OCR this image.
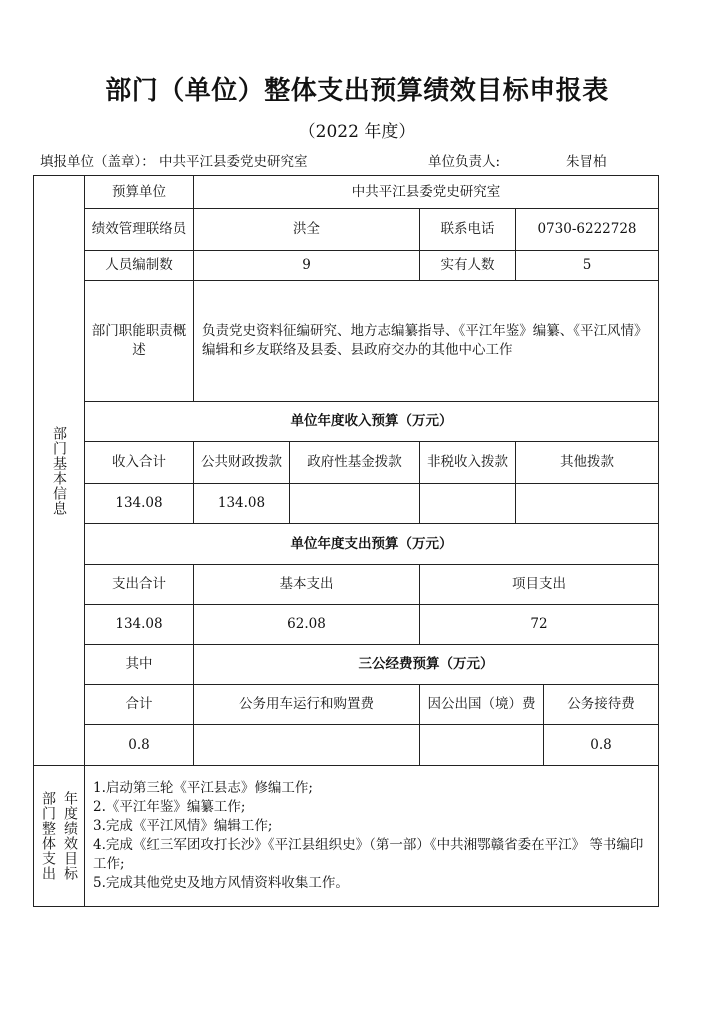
部门（单位）整体支出预算绩效目标申报表
（2022 年度）
填报单位（盖章）： 中共平江县委党史研究室	单位负责人:	朱冒柏
部门基本信息	预算单位	中共平江县委党史研究室				
	绩效管理联络员	洪全		联系电话	0730-6222728	
	人员编制数	9		实有人数	5	
	部门职能职责概述	负责党史资料征编研究、地方志编纂指导、《平江年鉴》编纂、《平江风情》编辑和乡友联络及县委、县政府交办的其他中心工作				
	单位年度收入预算（万元）					
	收入合计	公共财政拨款	政府性基金拨款	非税收入拨款	其他拨款	
	134.08	134.08				
	单位年度支出预算（万元）					
	支出合计	基本支出		项目支出		
	134.08	62.08		72		
	其中	三公经费预算（万元）				
	合计	公务用车运行和购置费		因公出国（境）费		公务接待费
	0.8					0.8
部门整体支出 年度绩效目标

1.启动第三轮《平江县志》修编工作;
2.《平江年鉴》编纂工作;
3.完成《平江风情》编辑工作;
4.完成《红三军团攻打长沙》《平江县组织史》（第一部）《中共湘鄂赣省委在平江》 等书编印工作;
5.完成其他党史及地方风情资料收集工作。
